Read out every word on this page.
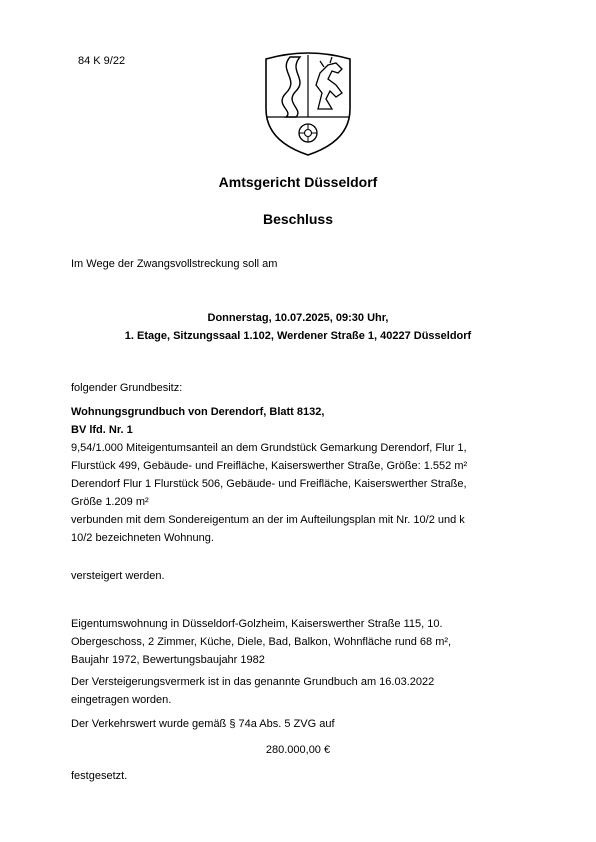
84 K 9/22
Amtsgericht Düsseldorf
Beschluss
Im Wege der Zwangsvollstreckung soll am
Donnerstag, 10.07.2025, 09:30 Uhr,
1. Etage, Sitzungssaal 1.102, Werdener Straße 1, 40227 Düsseldorf
folgender Grundbesitz:
Wohnungsgrundbuch von Derendorf, Blatt 8132,
BV lfd. Nr. 1
9,54/1.000 Miteigentumsanteil an dem Grundstück Gemarkung Derendorf, Flur 1,
Flurstück 499, Gebäude- und Freifläche, Kaiserswerther Straße, Größe: 1.552 m²
Derendorf Flur 1 Flurstück 506, Gebäude- und Freifläche, Kaiserswerther Straße,
Größe 1.209 m²
verbunden mit dem Sondereigentum an der im Aufteilungsplan mit Nr. 10/2 und k
10/2 bezeichneten Wohnung.
versteigert werden.
Eigentumswohnung in Düsseldorf-Golzheim, Kaiserswerther Straße 115, 10.
Obergeschoss, 2 Zimmer, Küche, Diele, Bad, Balkon, Wohnfläche rund 68 m²,
Baujahr 1972, Bewertungsbaujahr 1982
Der Versteigerungsvermerk ist in das genannte Grundbuch am 16.03.2022
eingetragen worden.
Der Verkehrswert wurde gemäß § 74a Abs. 5 ZVG auf
280.000,00 €
festgesetzt.
